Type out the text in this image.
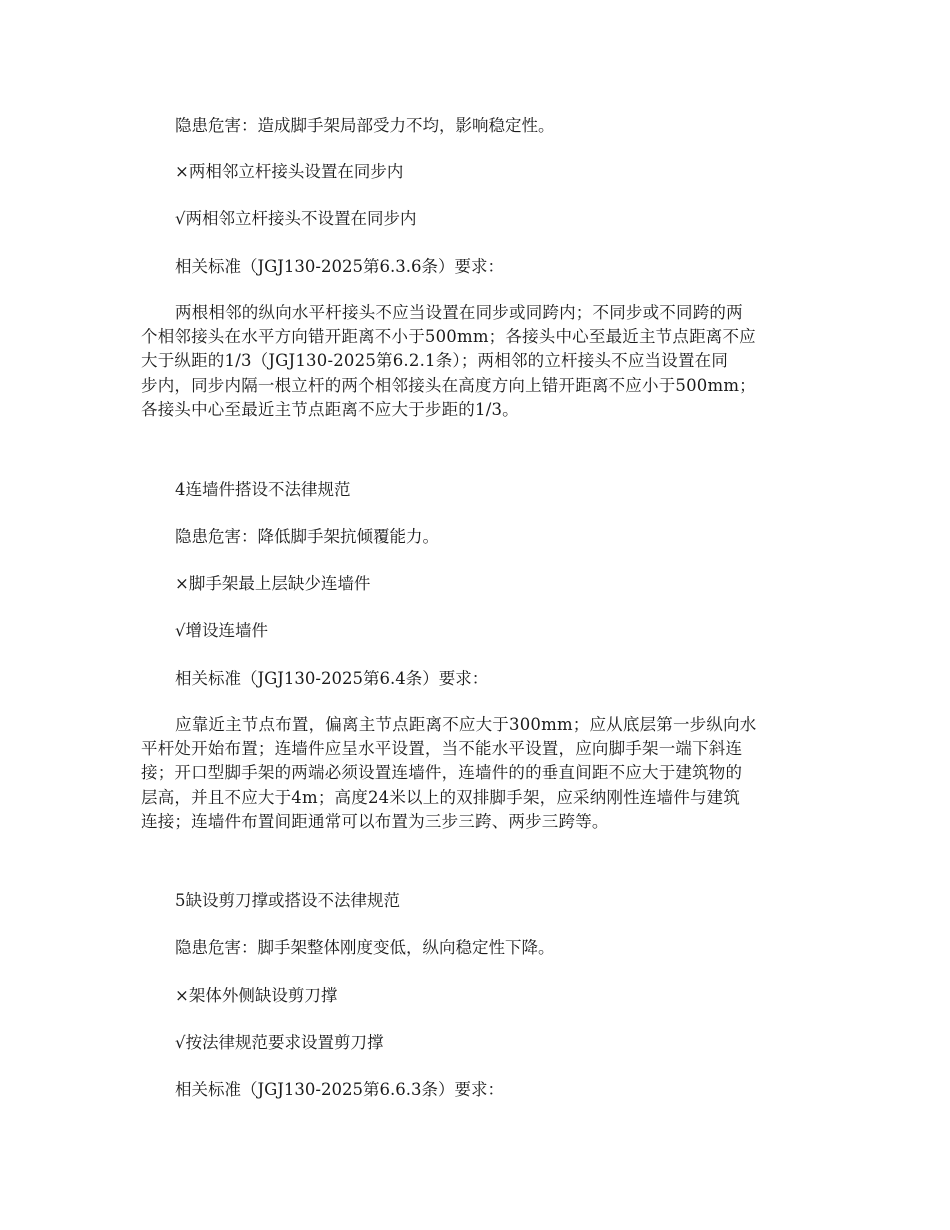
隐患危害：造成脚手架局部受力不均，影响稳定性。
×两相邻立杆接头设置在同步内
√两相邻立杆接头不设置在同步内
相关标准（JGJ130-2025第6.3.6条）要求：
两根相邻的纵向水平杆接头不应当设置在同步或同跨内；不同步或不同跨的两
个相邻接头在水平方向错开距离不小于500mm；各接头中心至最近主节点距离不应
大于纵距的1/3（JGJ130-2025第6.2.1条）；两相邻的立杆接头不应当设置在同
步内，同步内隔一根立杆的两个相邻接头在高度方向上错开距离不应小于500mm；
各接头中心至最近主节点距离不应大于步距的1/3。
4连墙件搭设不法律规范
隐患危害：降低脚手架抗倾覆能力。
×脚手架最上层缺少连墙件
√增设连墙件
相关标准（JGJ130-2025第6.4条）要求：
应靠近主节点布置，偏离主节点距离不应大于300mm；应从底层第一步纵向水
平杆处开始布置；连墙件应呈水平设置，当不能水平设置，应向脚手架一端下斜连
接；开口型脚手架的两端必须设置连墙件，连墙件的的垂直间距不应大于建筑物的
层高，并且不应大于4m；高度24米以上的双排脚手架，应采纳刚性连墙件与建筑
连接；连墙件布置间距通常可以布置为三步三跨、两步三跨等。
5缺设剪刀撑或搭设不法律规范
隐患危害：脚手架整体刚度变低，纵向稳定性下降。
×架体外侧缺设剪刀撑
√按法律规范要求设置剪刀撑
相关标准（JGJ130-2025第6.6.3条）要求：
